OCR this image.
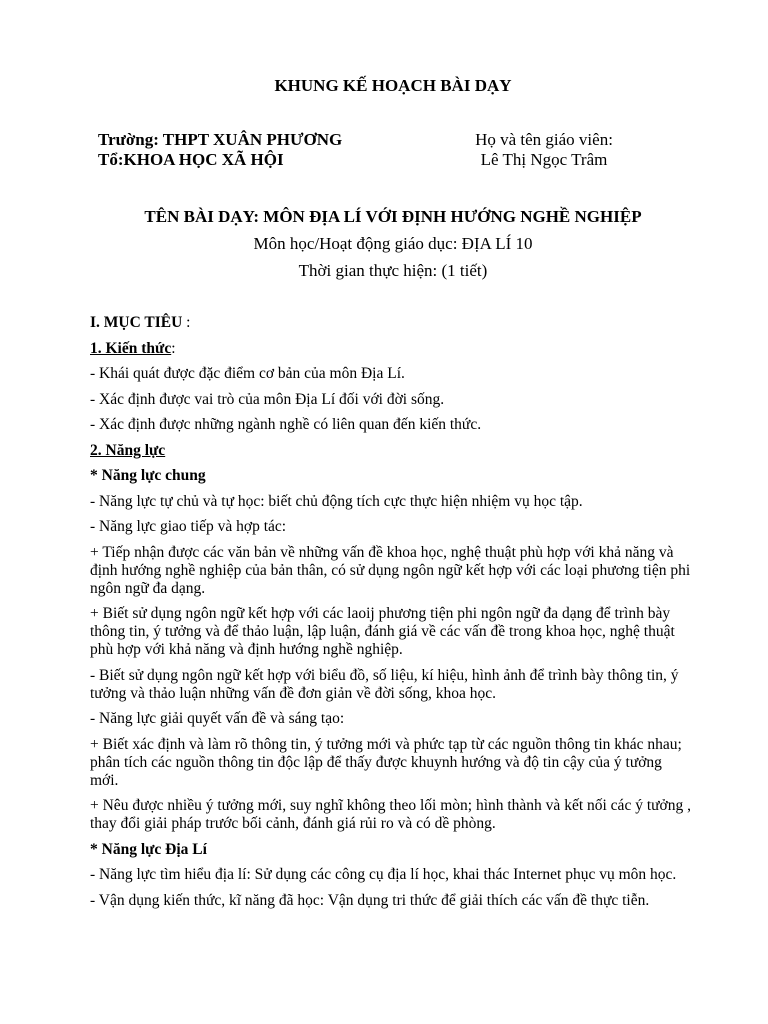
KHUNG KẾ HOẠCH BÀI DẠY
Trường: THPT XUÂN PHƯƠNG
Tổ:KHOA HỌC XÃ HỘI
Họ và tên giáo viên:
Lê Thị Ngọc Trâm
TÊN BÀI DẠY: MÔN ĐỊA LÍ VỚI ĐỊNH HƯỚNG NGHỀ NGHIỆP
Môn học/Hoạt động giáo dục: ĐỊA LÍ 10
Thời gian thực hiện: (1 tiết)

I. MỤC TIÊU :

1. Kiến thức:

- Khái quát được đặc điểm cơ bản của môn Địa Lí.

- Xác định được vai trò của môn Địa Lí đối với đời sống.

- Xác định được những ngành nghề có liên quan đến kiến thức.

2. Năng lực

* Năng lực chung

- Năng lực tự chủ và tự học: biết chủ động tích cực thực hiện nhiệm vụ học tập.

- Năng lực giao tiếp và hợp tác:

+ Tiếp nhận được các văn bản về những vấn đề khoa học, nghệ thuật phù hợp với khả năng và định hướng nghề nghiệp của bản thân, có sử dụng ngôn ngữ kết hợp với các loại phương tiện phi ngôn ngữ đa dạng.

+ Biết sử dụng ngôn ngữ kết hợp với các laoij phương tiện phi ngôn ngữ đa dạng để trình bày thông tin, ý tưởng và để thảo luận, lập luận, đánh giá về các vấn đề trong khoa học, nghệ thuật phù hợp với khả năng và định hướng nghề nghiệp.

- Biết sử dụng ngôn ngữ kết hợp với biểu đồ, số liệu, kí hiệu, hình ảnh để trình bày thông tin, ý tưởng và thảo luận những vấn đề đơn giản về đời sống, khoa học.

- Năng lực giải quyết vấn đề và sáng tạo:

+ Biết xác định và làm rõ thông tin, ý tưởng mới và phức tạp từ các nguồn thông tin khác nhau; phân tích các nguồn thông tin độc lập để thấy được khuynh hướng và độ tin cậy của ý tưởng mới.

+ Nêu được nhiều ý tưởng mới, suy nghĩ không theo lối mòn; hình thành và kết nối các ý tưởng , thay đổi giải pháp trước bối cảnh, đánh giá rủi ro và có dề phòng.

* Năng lực Địa Lí

- Năng lực tìm hiểu địa lí: Sử dụng các công cụ địa lí học, khai thác Internet phục vụ môn học.

- Vận dụng kiến thức, kĩ năng đã học: Vận dụng tri thức để giải thích các vấn đề thực tiễn.
